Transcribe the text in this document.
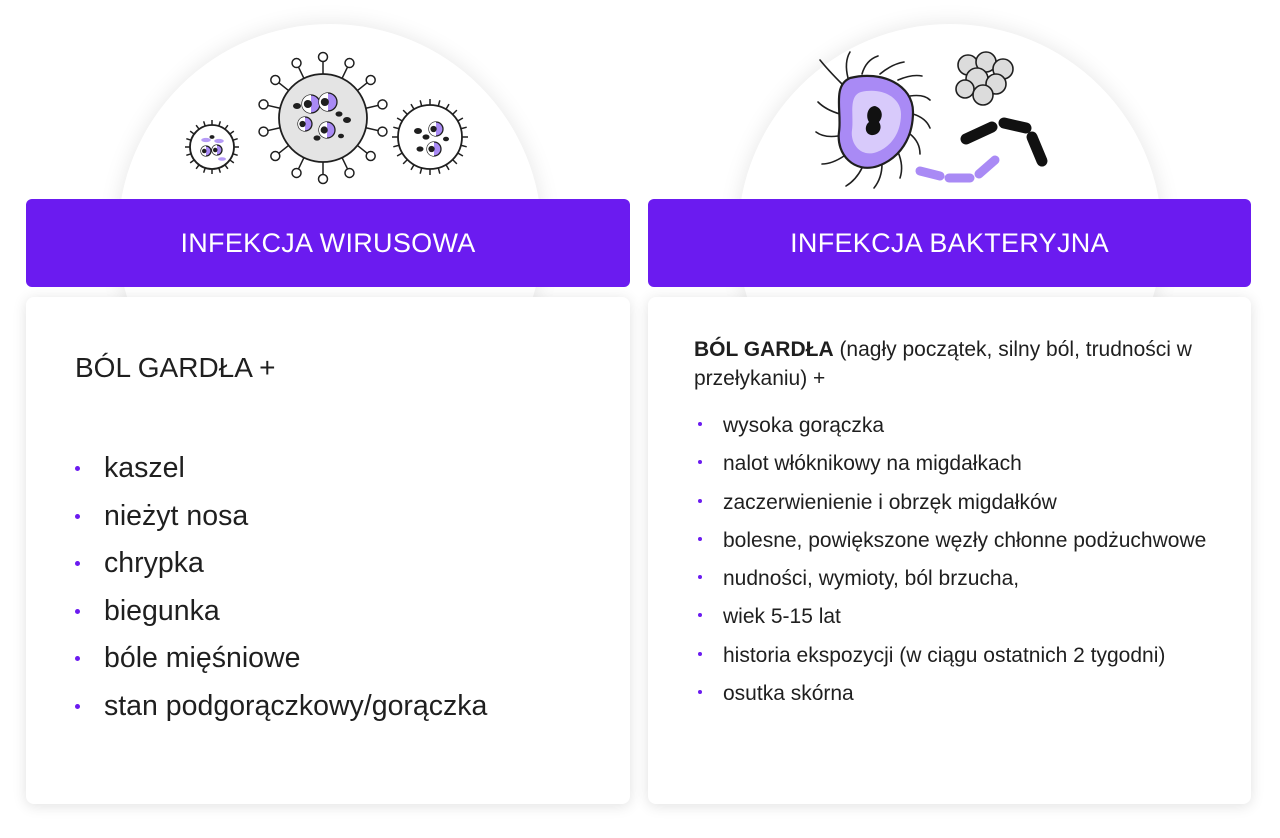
INFEKCJA WIRUSOWA	INFEKCJA BAKTERYJNA
BÓL GARDŁA +
kaszel
nieżyt nosa
chrypka
biegunka
bóle mięśniowe
stan podgorączkowy/gorączka
BÓL GARDŁA (nagły początek, silny ból, trudności w przełykaniu) +
wysoka gorączka
nalot włóknikowy na migdałkach
zaczerwienienie i obrzęk migdałków
bolesne, powiększone węzły chłonne podżuchwowe
nudności, wymioty, ból brzucha,
wiek 5-15 lat
historia ekspozycji (w ciągu ostatnich 2 tygodni)
osutka skórna
